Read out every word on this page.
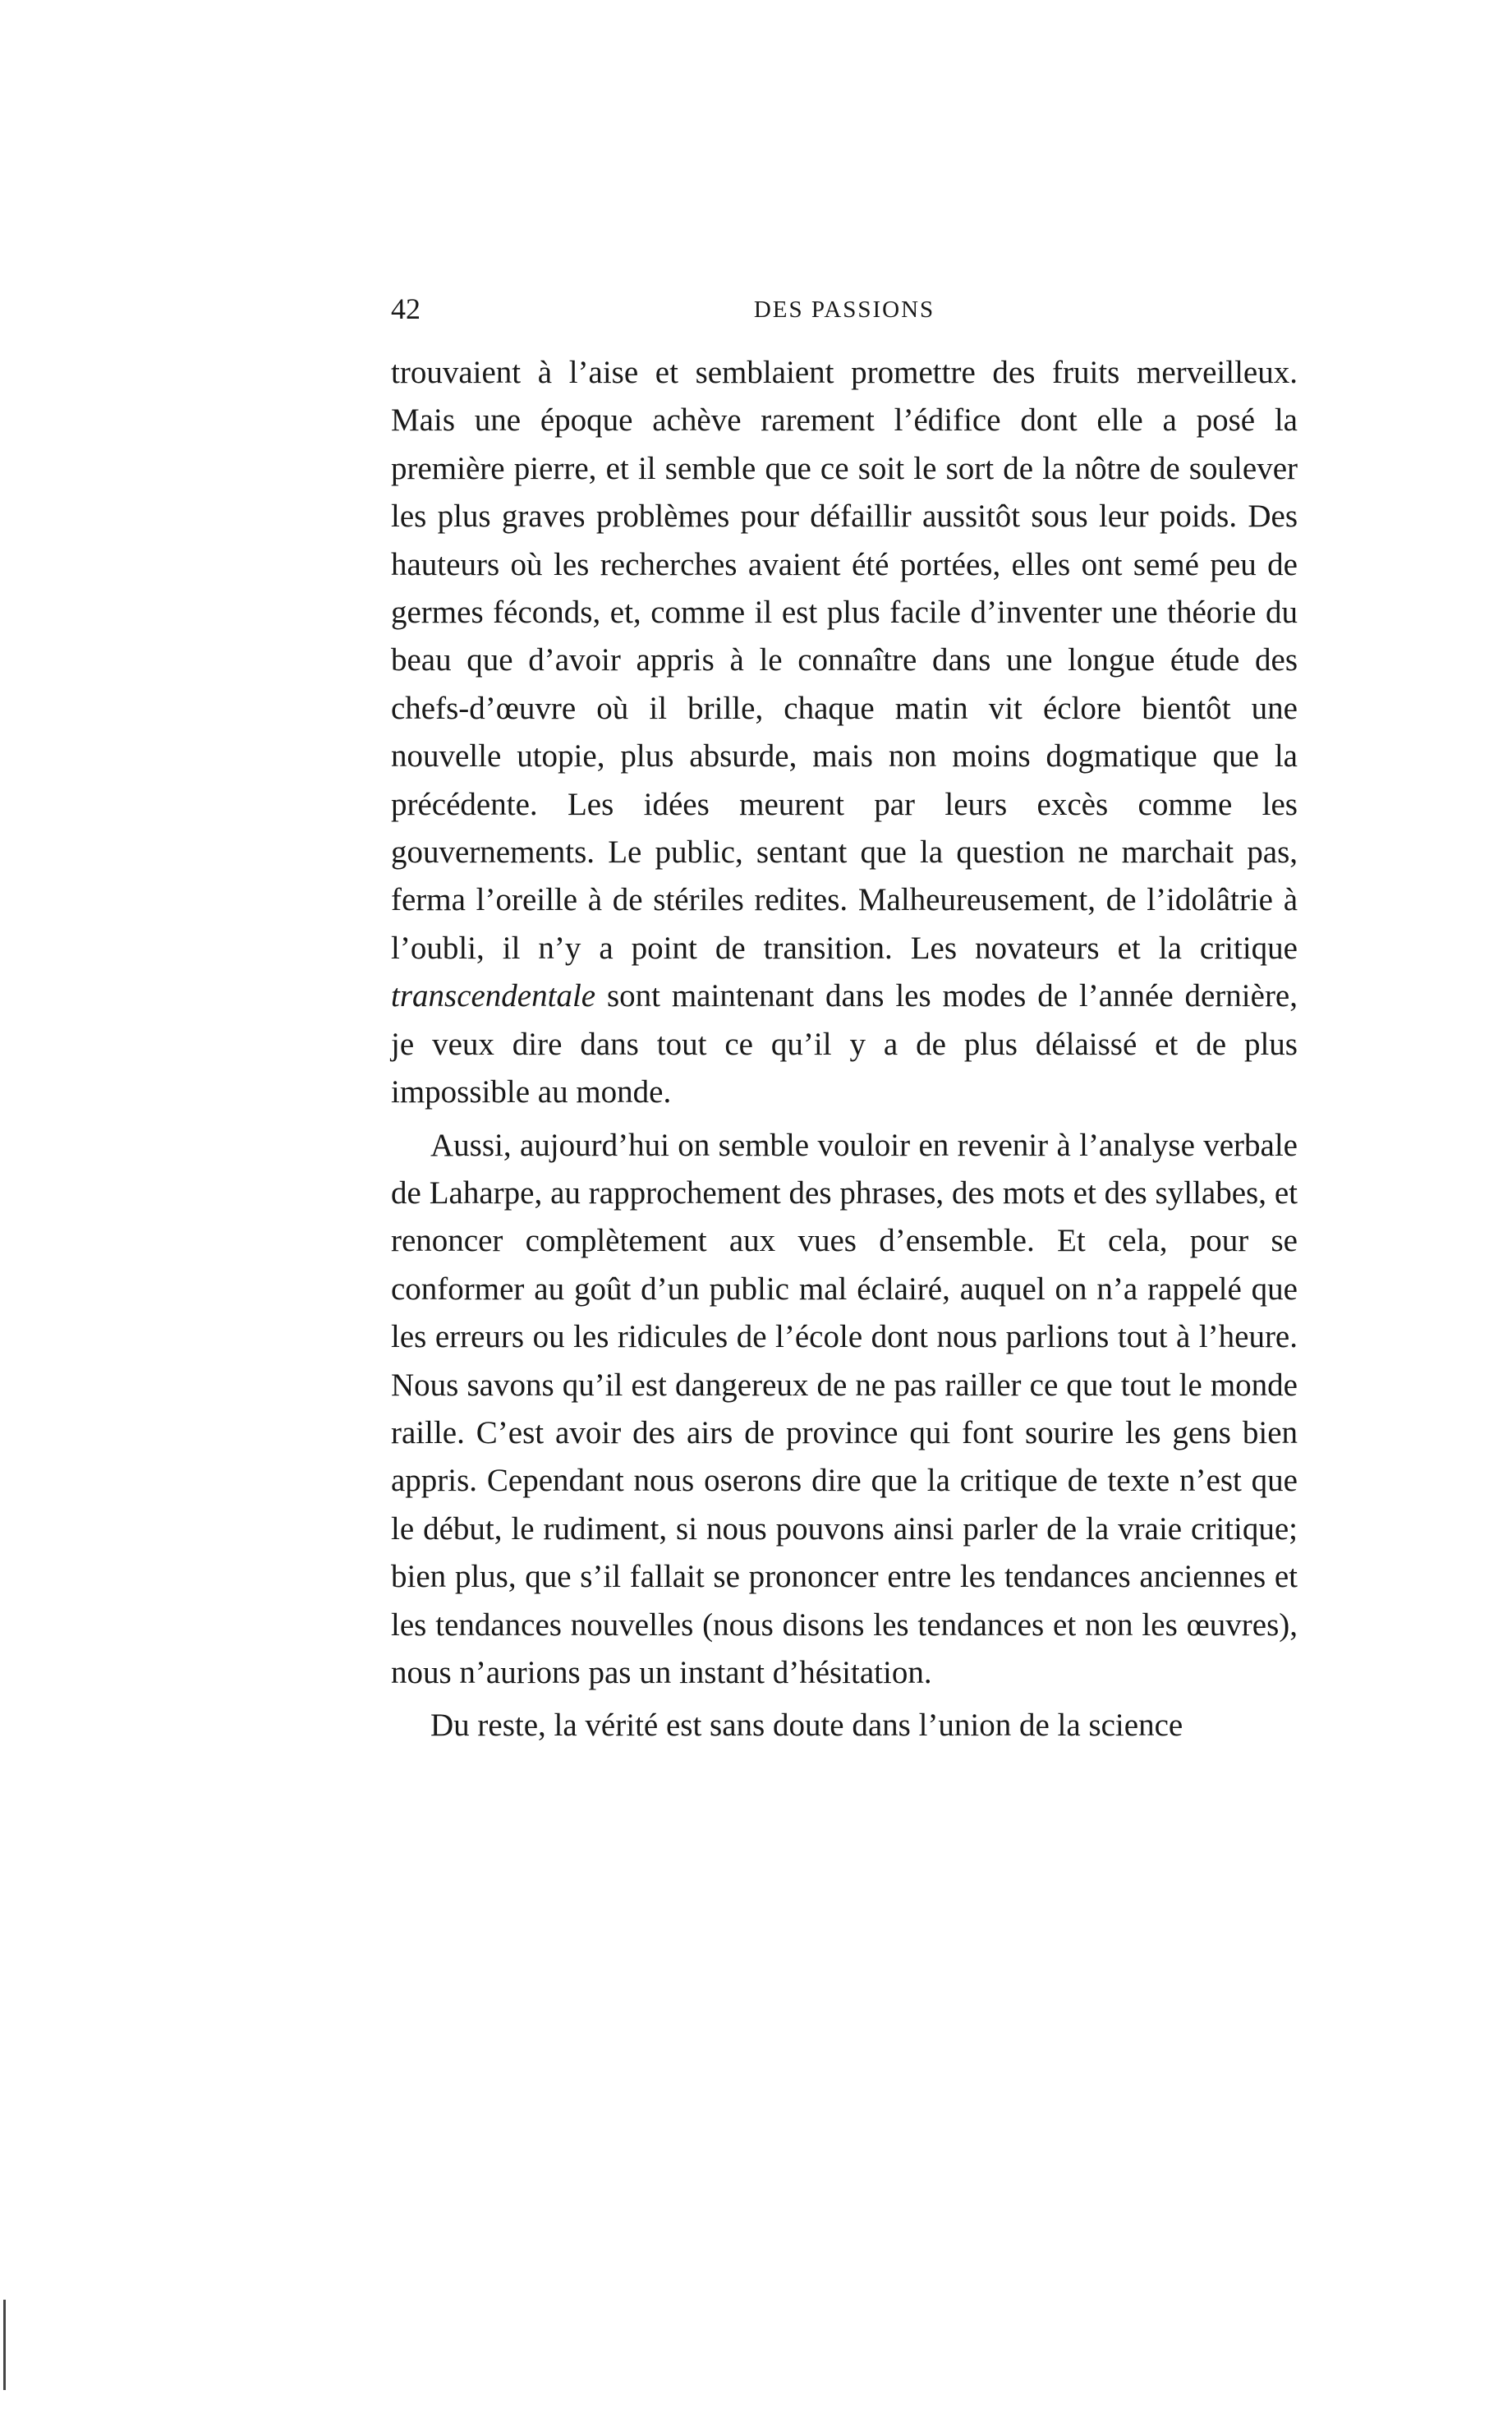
42	DES PASSIONS

trouvaient à l’aise et semblaient promettre des fruits merveilleux. Mais une époque achève rarement l’édifice dont elle a posé la première pierre, et il semble que ce soit le sort de la nôtre de soulever les plus graves problèmes pour défaillir aussitôt sous leur poids. Des hauteurs où les recherches avaient été portées, elles ont semé peu de germes féconds, et, comme il est plus facile d’inventer une théorie du beau que d’avoir appris à le connaître dans une longue étude des chefs-d’œuvre où il brille, chaque matin vit éclore bientôt une nouvelle utopie, plus absurde, mais non moins dogmatique que la précédente. Les idées meurent par leurs excès comme les gouvernements. Le public, sentant que la question ne marchait pas, ferma l’oreille à de stériles redites. Malheureusement, de l’idolâtrie à l’oubli, il n’y a point de transition. Les novateurs et la critique transcendentale sont maintenant dans les modes de l’année dernière, je veux dire dans tout ce qu’il y a de plus délaissé et de plus impossible au monde.

Aussi, aujourd’hui on semble vouloir en revenir à l’analyse verbale de Laharpe, au rapprochement des phrases, des mots et des syllabes, et renoncer complètement aux vues d’ensemble. Et cela, pour se conformer au goût d’un public mal éclairé, auquel on n’a rappelé que les erreurs ou les ridicules de l’école dont nous parlions tout à l’heure. Nous savons qu’il est dangereux de ne pas railler ce que tout le monde raille. C’est avoir des airs de province qui font sourire les gens bien appris. Cependant nous oserons dire que la critique de texte n’est que le début, le rudiment, si nous pouvons ainsi parler de la vraie critique; bien plus, que s’il fallait se prononcer entre les tendances anciennes et les tendances nouvelles (nous disons les tendances et non les œuvres), nous n’aurions pas un instant d’hésitation.

Du reste, la vérité est sans doute dans l’union de la science
